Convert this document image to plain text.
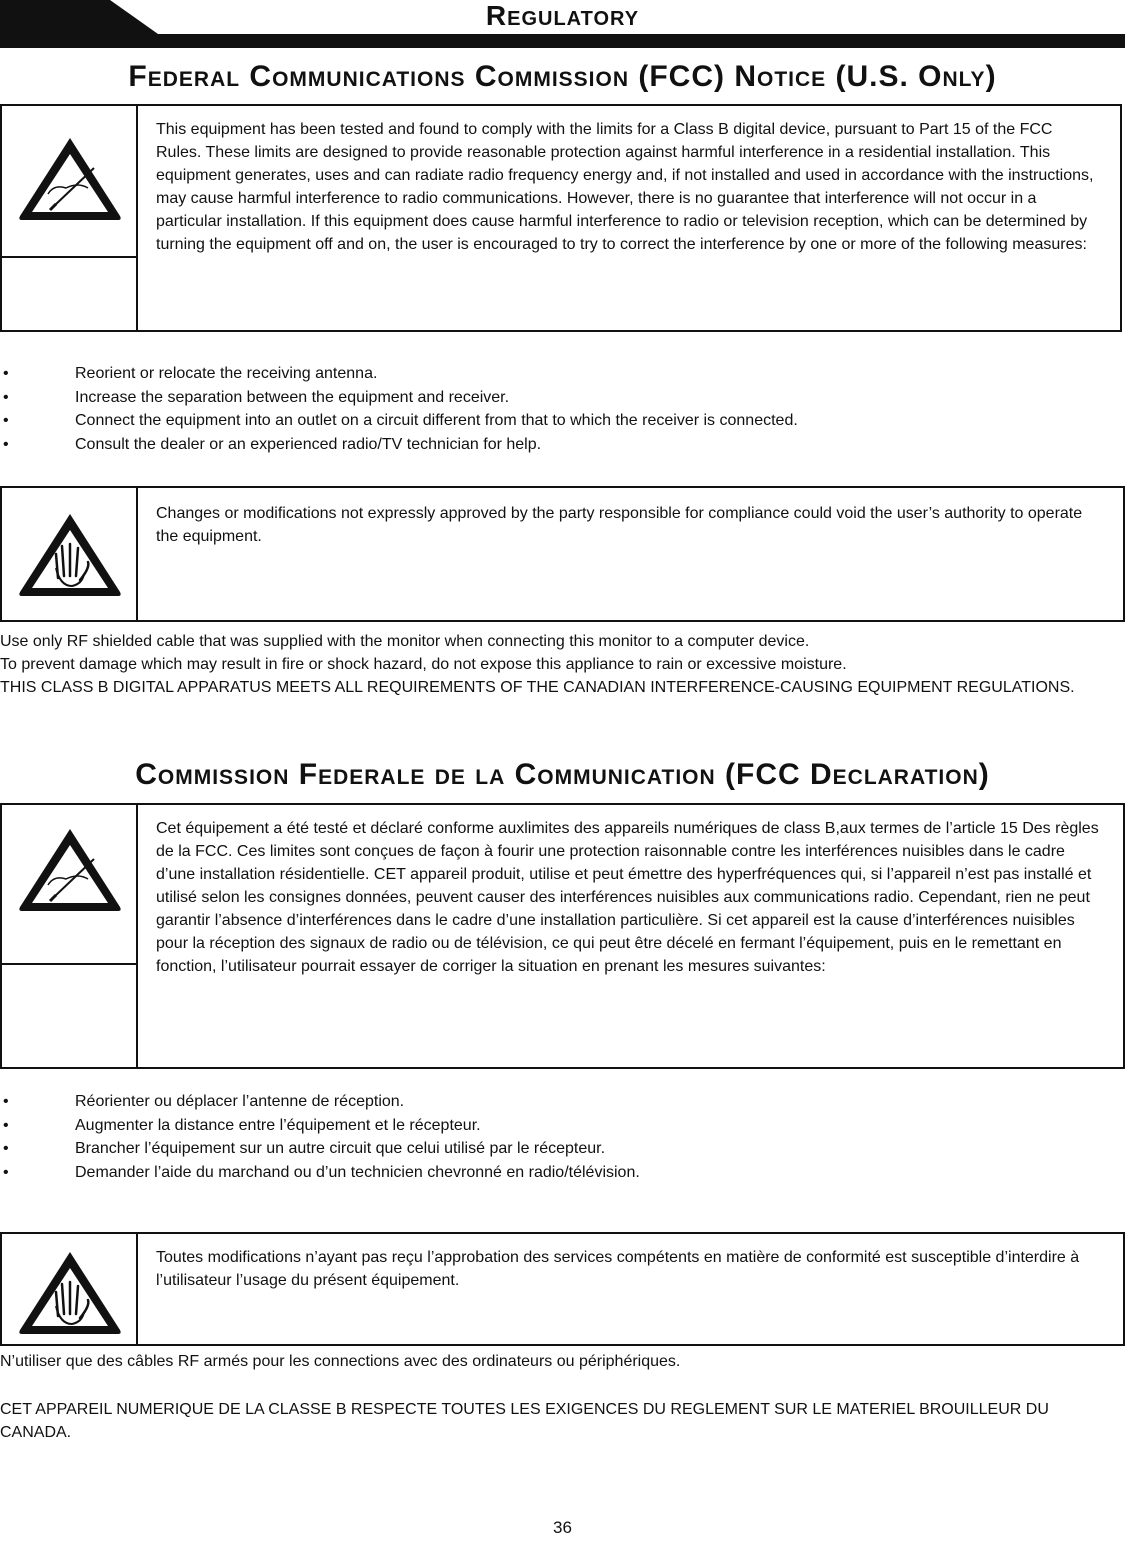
Regulatory
Federal Communications Commission (FCC) Notice (U.S. Only)
This equipment has been tested and found to comply with the limits for a Class B digital device, pursuant to Part 15 of the FCC Rules. These limits are designed to provide reasonable protection against harmful interference in a residential installation. This equipment generates, uses and can radiate radio frequency energy and, if not installed and used in accordance with the instructions, may cause harmful interference to radio communications. However, there is no guarantee that interference will not occur in a particular installation. If this equipment does cause harmful interference to radio or television reception, which can be determined by turning the equipment off and on, the user is encouraged to try to correct the interference by one or more of the following measures:
•	Reorient or relocate the receiving antenna.
•	Increase the separation between the equipment and receiver.
•	Connect the equipment into an outlet on a circuit different from that to which the receiver is connected.
•	Consult the dealer or an experienced radio/TV technician for help.
Changes or modifications not expressly approved by the party responsible for compliance could void the user’s authority to operate the equipment.
Use only RF shielded cable that was supplied with the monitor when connecting this monitor to a computer device.
To prevent damage which may result in fire or shock hazard, do not expose this appliance to rain or excessive moisture.
THIS CLASS B DIGITAL APPARATUS MEETS ALL REQUIREMENTS OF THE CANADIAN INTERFERENCE-CAUSING EQUIPMENT REGULATIONS.
Commission Federale de la Communication (FCC Declaration)
Cet équipement a été testé et déclaré conforme auxlimites des appareils numériques de class B,aux termes de l’article 15 Des règles de la FCC. Ces limites sont conçues de façon à fourir une protection raisonnable contre les interférences nuisibles dans le cadre d’une installation résidentielle. CET appareil produit, utilise et peut émettre des hyperfréquences qui, si l’appareil n’est pas installé et utilisé selon les consignes données, peuvent causer des interférences nuisibles aux communications radio. Cependant, rien ne peut garantir l’absence d’interférences dans le cadre d’une installation particulière. Si cet appareil est la cause d’interférences nuisibles pour la réception des signaux de radio ou de télévision, ce qui peut être décelé en fermant l’équipement, puis en le remettant en fonction, l’utilisateur pourrait essayer de corriger la situation en prenant les mesures suivantes:
•	Réorienter ou déplacer l’antenne de réception.
•	Augmenter la distance entre l’équipement et le récepteur.
•	Brancher l’équipement sur un autre circuit que celui utilisé par le récepteur.
•	Demander l’aide du marchand ou d’un technicien chevronné en radio/télévision.
Toutes modifications n’ayant pas reçu l’approbation des services compétents en matière de conformité est susceptible d’interdire à l’utilisateur l’usage du présent équipement.
N’utiliser que des câbles RF armés pour les connections avec des ordinateurs ou périphériques.
CET APPAREIL NUMERIQUE DE LA CLASSE B RESPECTE TOUTES LES EXIGENCES DU REGLEMENT SUR LE MATERIEL BROUILLEUR DU CANADA.
36
